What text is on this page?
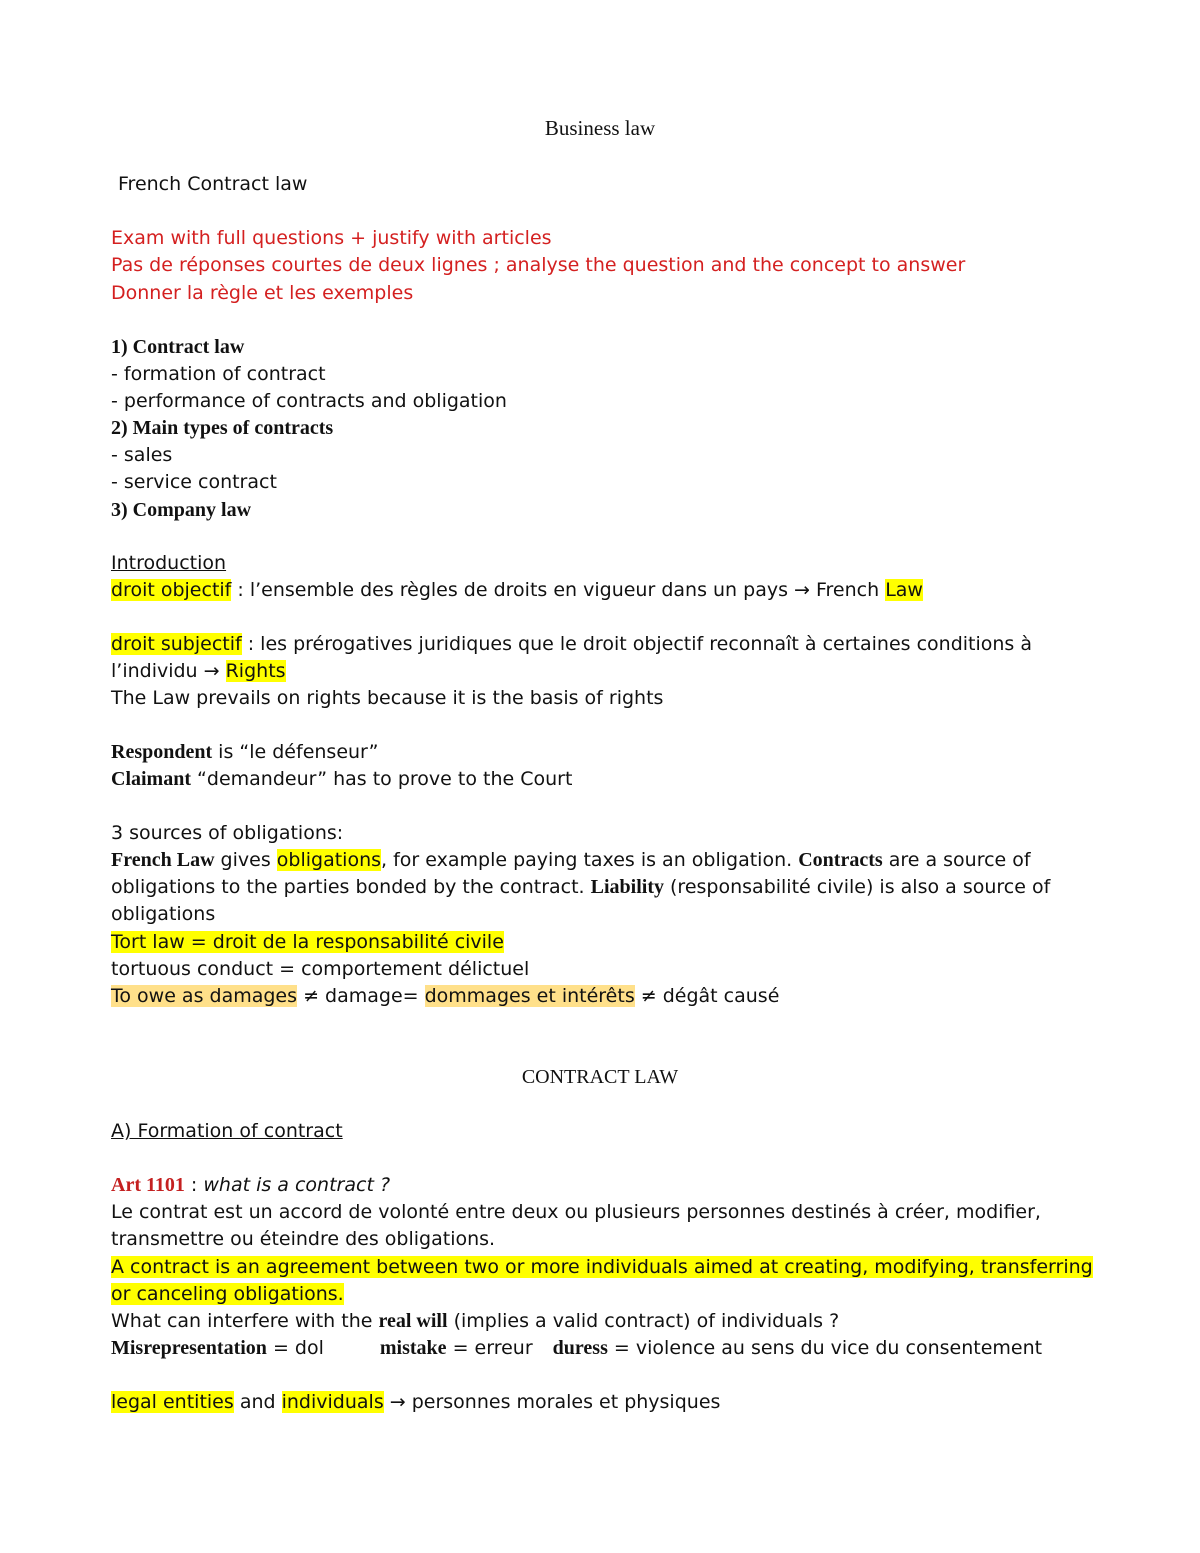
Business law
French Contract law
Exam with full questions + justify with articles
Pas de réponses courtes de deux lignes ; analyse the question and the concept to answer
Donner la règle et les exemples
1) Contract law
- formation of contract
- performance of contracts and obligation
2) Main types of contracts
- sales
- service contract
3) Company law
Introduction
droit objectif : l’ensemble des règles de droits en vigueur dans un pays → French Law
droit subjectif : les prérogatives juridiques que le droit objectif reconnaît à certaines conditions à
l’individu → Rights
The Law prevails on rights because it is the basis of rights
Respondent is “le défenseur”
Claimant “demandeur” has to prove to the Court
3 sources of obligations:
French Law gives obligations, for example paying taxes is an obligation. Contracts are a source of
obligations to the parties bonded by the contract. Liability (responsabilité civile) is also a source of
obligations
Tort law = droit de la responsabilité civile
tortuous conduct = comportement délictuel
To owe as damages ≠ damage= dommages et intérêts ≠ dégât causé
CONTRACT LAW
A) Formation of contract
Art 1101 : what is a contract ?
Le contrat est un accord de volonté entre deux ou plusieurs personnes destinés à créer, modifier,
transmettre ou éteindre des obligations.
A contract is an agreement between two or more individuals aimed at creating, modifying, transferring
or canceling obligations.
What can interfere with the real will (implies a valid contract) of individuals ?
Misrepresentation = dol	mistake = erreur duress = violence au sens du vice du consentement
legal entities and individuals → personnes morales et physiques
